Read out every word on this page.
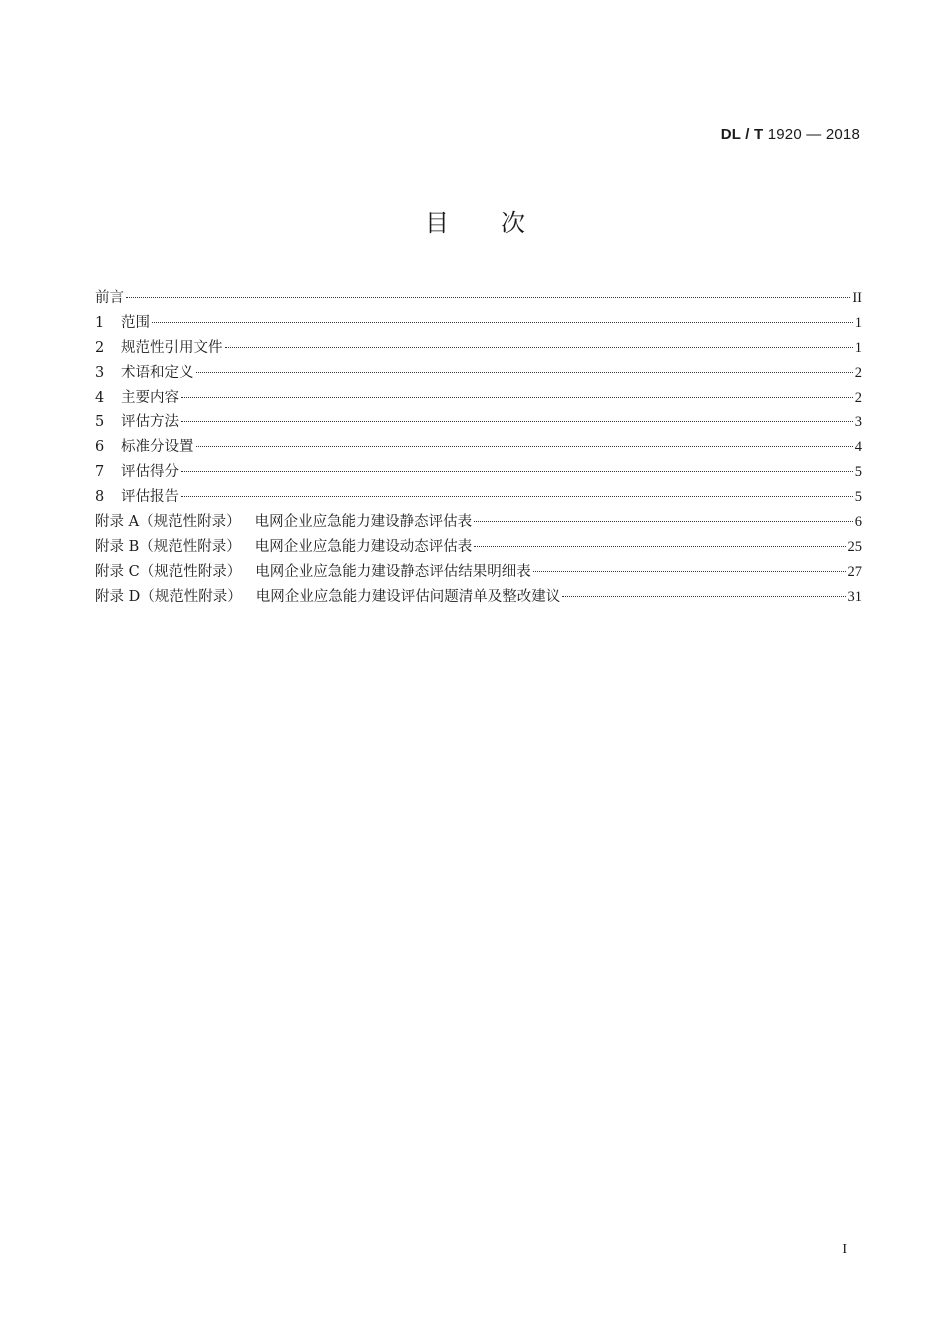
DL / T 1920 — 2018
目 次
前言	II
1	范围	1
2	规范性引用文件	1
3	术语和定义	2
4	主要内容	2
5	评估方法	3
6	标准分设置	4
7	评估得分	5
8	评估报告	5
附录 A（规范性附录） 电网企业应急能力建设静态评估表	6
附录 B（规范性附录） 电网企业应急能力建设动态评估表	25
附录 C（规范性附录） 电网企业应急能力建设静态评估结果明细表	27
附录 D（规范性附录） 电网企业应急能力建设评估问题清单及整改建议	31
I
